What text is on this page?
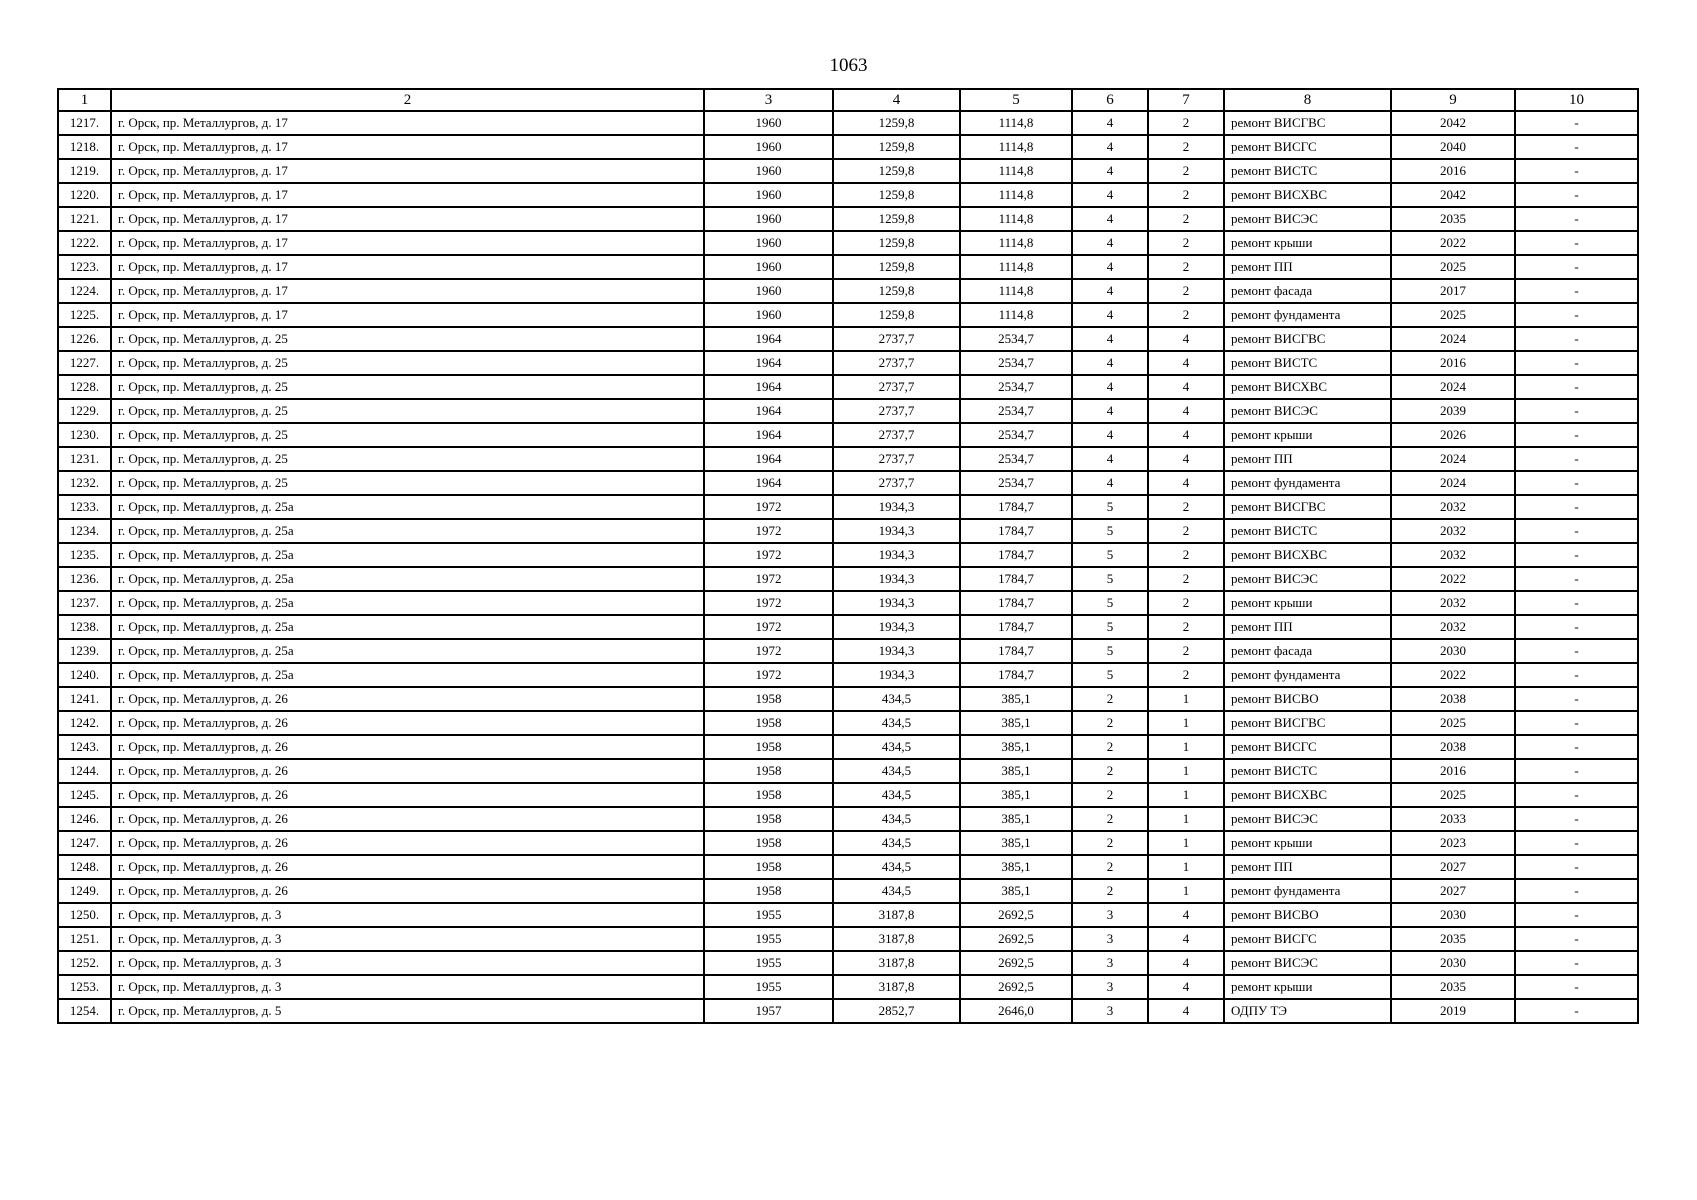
1063
1	2	3	4	5	6	7	8	9	10
1217.	г. Орск, пр. Металлургов, д. 17	1960	1259,8	1114,8	4	2	ремонт ВИСГВС	2042	-
1218.	г. Орск, пр. Металлургов, д. 17	1960	1259,8	1114,8	4	2	ремонт ВИСГС	2040	-
1219.	г. Орск, пр. Металлургов, д. 17	1960	1259,8	1114,8	4	2	ремонт ВИСТС	2016	-
1220.	г. Орск, пр. Металлургов, д. 17	1960	1259,8	1114,8	4	2	ремонт ВИСХВС	2042	-
1221.	г. Орск, пр. Металлургов, д. 17	1960	1259,8	1114,8	4	2	ремонт ВИСЭС	2035	-
1222.	г. Орск, пр. Металлургов, д. 17	1960	1259,8	1114,8	4	2	ремонт крыши	2022	-
1223.	г. Орск, пр. Металлургов, д. 17	1960	1259,8	1114,8	4	2	ремонт ПП	2025	-
1224.	г. Орск, пр. Металлургов, д. 17	1960	1259,8	1114,8	4	2	ремонт фасада	2017	-
1225.	г. Орск, пр. Металлургов, д. 17	1960	1259,8	1114,8	4	2	ремонт фундамента	2025	-
1226.	г. Орск, пр. Металлургов, д. 25	1964	2737,7	2534,7	4	4	ремонт ВИСГВС	2024	-
1227.	г. Орск, пр. Металлургов, д. 25	1964	2737,7	2534,7	4	4	ремонт ВИСТС	2016	-
1228.	г. Орск, пр. Металлургов, д. 25	1964	2737,7	2534,7	4	4	ремонт ВИСХВС	2024	-
1229.	г. Орск, пр. Металлургов, д. 25	1964	2737,7	2534,7	4	4	ремонт ВИСЭС	2039	-
1230.	г. Орск, пр. Металлургов, д. 25	1964	2737,7	2534,7	4	4	ремонт крыши	2026	-
1231.	г. Орск, пр. Металлургов, д. 25	1964	2737,7	2534,7	4	4	ремонт ПП	2024	-
1232.	г. Орск, пр. Металлургов, д. 25	1964	2737,7	2534,7	4	4	ремонт фундамента	2024	-
1233.	г. Орск, пр. Металлургов, д. 25а	1972	1934,3	1784,7	5	2	ремонт ВИСГВС	2032	-
1234.	г. Орск, пр. Металлургов, д. 25а	1972	1934,3	1784,7	5	2	ремонт ВИСТС	2032	-
1235.	г. Орск, пр. Металлургов, д. 25а	1972	1934,3	1784,7	5	2	ремонт ВИСХВС	2032	-
1236.	г. Орск, пр. Металлургов, д. 25а	1972	1934,3	1784,7	5	2	ремонт ВИСЭС	2022	-
1237.	г. Орск, пр. Металлургов, д. 25а	1972	1934,3	1784,7	5	2	ремонт крыши	2032	-
1238.	г. Орск, пр. Металлургов, д. 25а	1972	1934,3	1784,7	5	2	ремонт ПП	2032	-
1239.	г. Орск, пр. Металлургов, д. 25а	1972	1934,3	1784,7	5	2	ремонт фасада	2030	-
1240.	г. Орск, пр. Металлургов, д. 25а	1972	1934,3	1784,7	5	2	ремонт фундамента	2022	-
1241.	г. Орск, пр. Металлургов, д. 26	1958	434,5	385,1	2	1	ремонт ВИСВО	2038	-
1242.	г. Орск, пр. Металлургов, д. 26	1958	434,5	385,1	2	1	ремонт ВИСГВС	2025	-
1243.	г. Орск, пр. Металлургов, д. 26	1958	434,5	385,1	2	1	ремонт ВИСГС	2038	-
1244.	г. Орск, пр. Металлургов, д. 26	1958	434,5	385,1	2	1	ремонт ВИСТС	2016	-
1245.	г. Орск, пр. Металлургов, д. 26	1958	434,5	385,1	2	1	ремонт ВИСХВС	2025	-
1246.	г. Орск, пр. Металлургов, д. 26	1958	434,5	385,1	2	1	ремонт ВИСЭС	2033	-
1247.	г. Орск, пр. Металлургов, д. 26	1958	434,5	385,1	2	1	ремонт крыши	2023	-
1248.	г. Орск, пр. Металлургов, д. 26	1958	434,5	385,1	2	1	ремонт ПП	2027	-
1249.	г. Орск, пр. Металлургов, д. 26	1958	434,5	385,1	2	1	ремонт фундамента	2027	-
1250.	г. Орск, пр. Металлургов, д. 3	1955	3187,8	2692,5	3	4	ремонт ВИСВО	2030	-
1251.	г. Орск, пр. Металлургов, д. 3	1955	3187,8	2692,5	3	4	ремонт ВИСГС	2035	-
1252.	г. Орск, пр. Металлургов, д. 3	1955	3187,8	2692,5	3	4	ремонт ВИСЭС	2030	-
1253.	г. Орск, пр. Металлургов, д. 3	1955	3187,8	2692,5	3	4	ремонт крыши	2035	-
1254.	г. Орск, пр. Металлургов, д. 5	1957	2852,7	2646,0	3	4	ОДПУ ТЭ	2019	-
